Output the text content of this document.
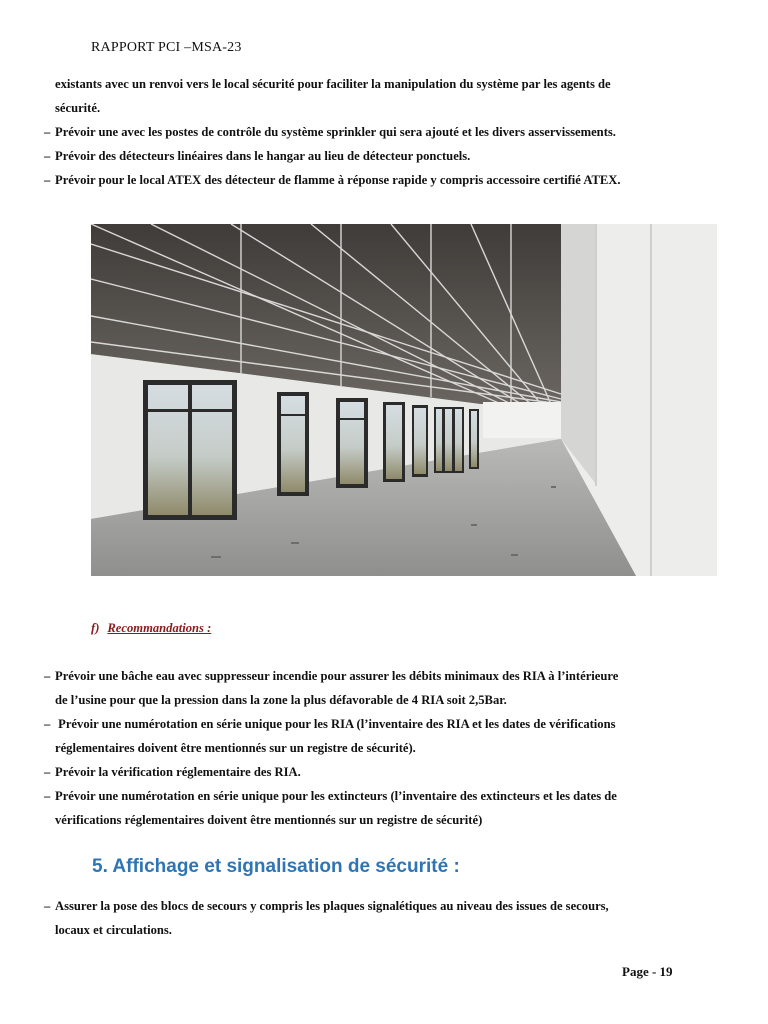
RAPPORT PCI –MSA-23
existants avec un renvoi vers le local sécurité pour faciliter la manipulation du système par les agents de
sécurité.
– Prévoir une avec les postes de contrôle du système sprinkler qui sera ajouté et les divers asservissements.
– Prévoir des détecteurs linéaires dans le hangar au lieu de détecteur ponctuels.
– Prévoir pour le local ATEX des détecteur de flamme à réponse rapide y compris accessoire certifié ATEX.
f) Recommandations :
– Prévoir une bâche eau avec suppresseur incendie pour assurer les débits minimaux des RIA à l’intérieure
de l’usine pour que la pression dans la zone la plus défavorable de 4 RIA soit 2,5Bar.
– Prévoir une numérotation en série unique pour les RIA (l’inventaire des RIA et les dates de vérifications
réglementaires doivent être mentionnés sur un registre de sécurité).
– Prévoir la vérification réglementaire des RIA.
– Prévoir une numérotation en série unique pour les extincteurs (l’inventaire des extincteurs et les dates de
vérifications réglementaires doivent être mentionnés sur un registre de sécurité)
5. Affichage et signalisation de sécurité :
– Assurer la pose des blocs de secours y compris les plaques signalétiques au niveau des issues de secours,
locaux et circulations.
Page - 19
